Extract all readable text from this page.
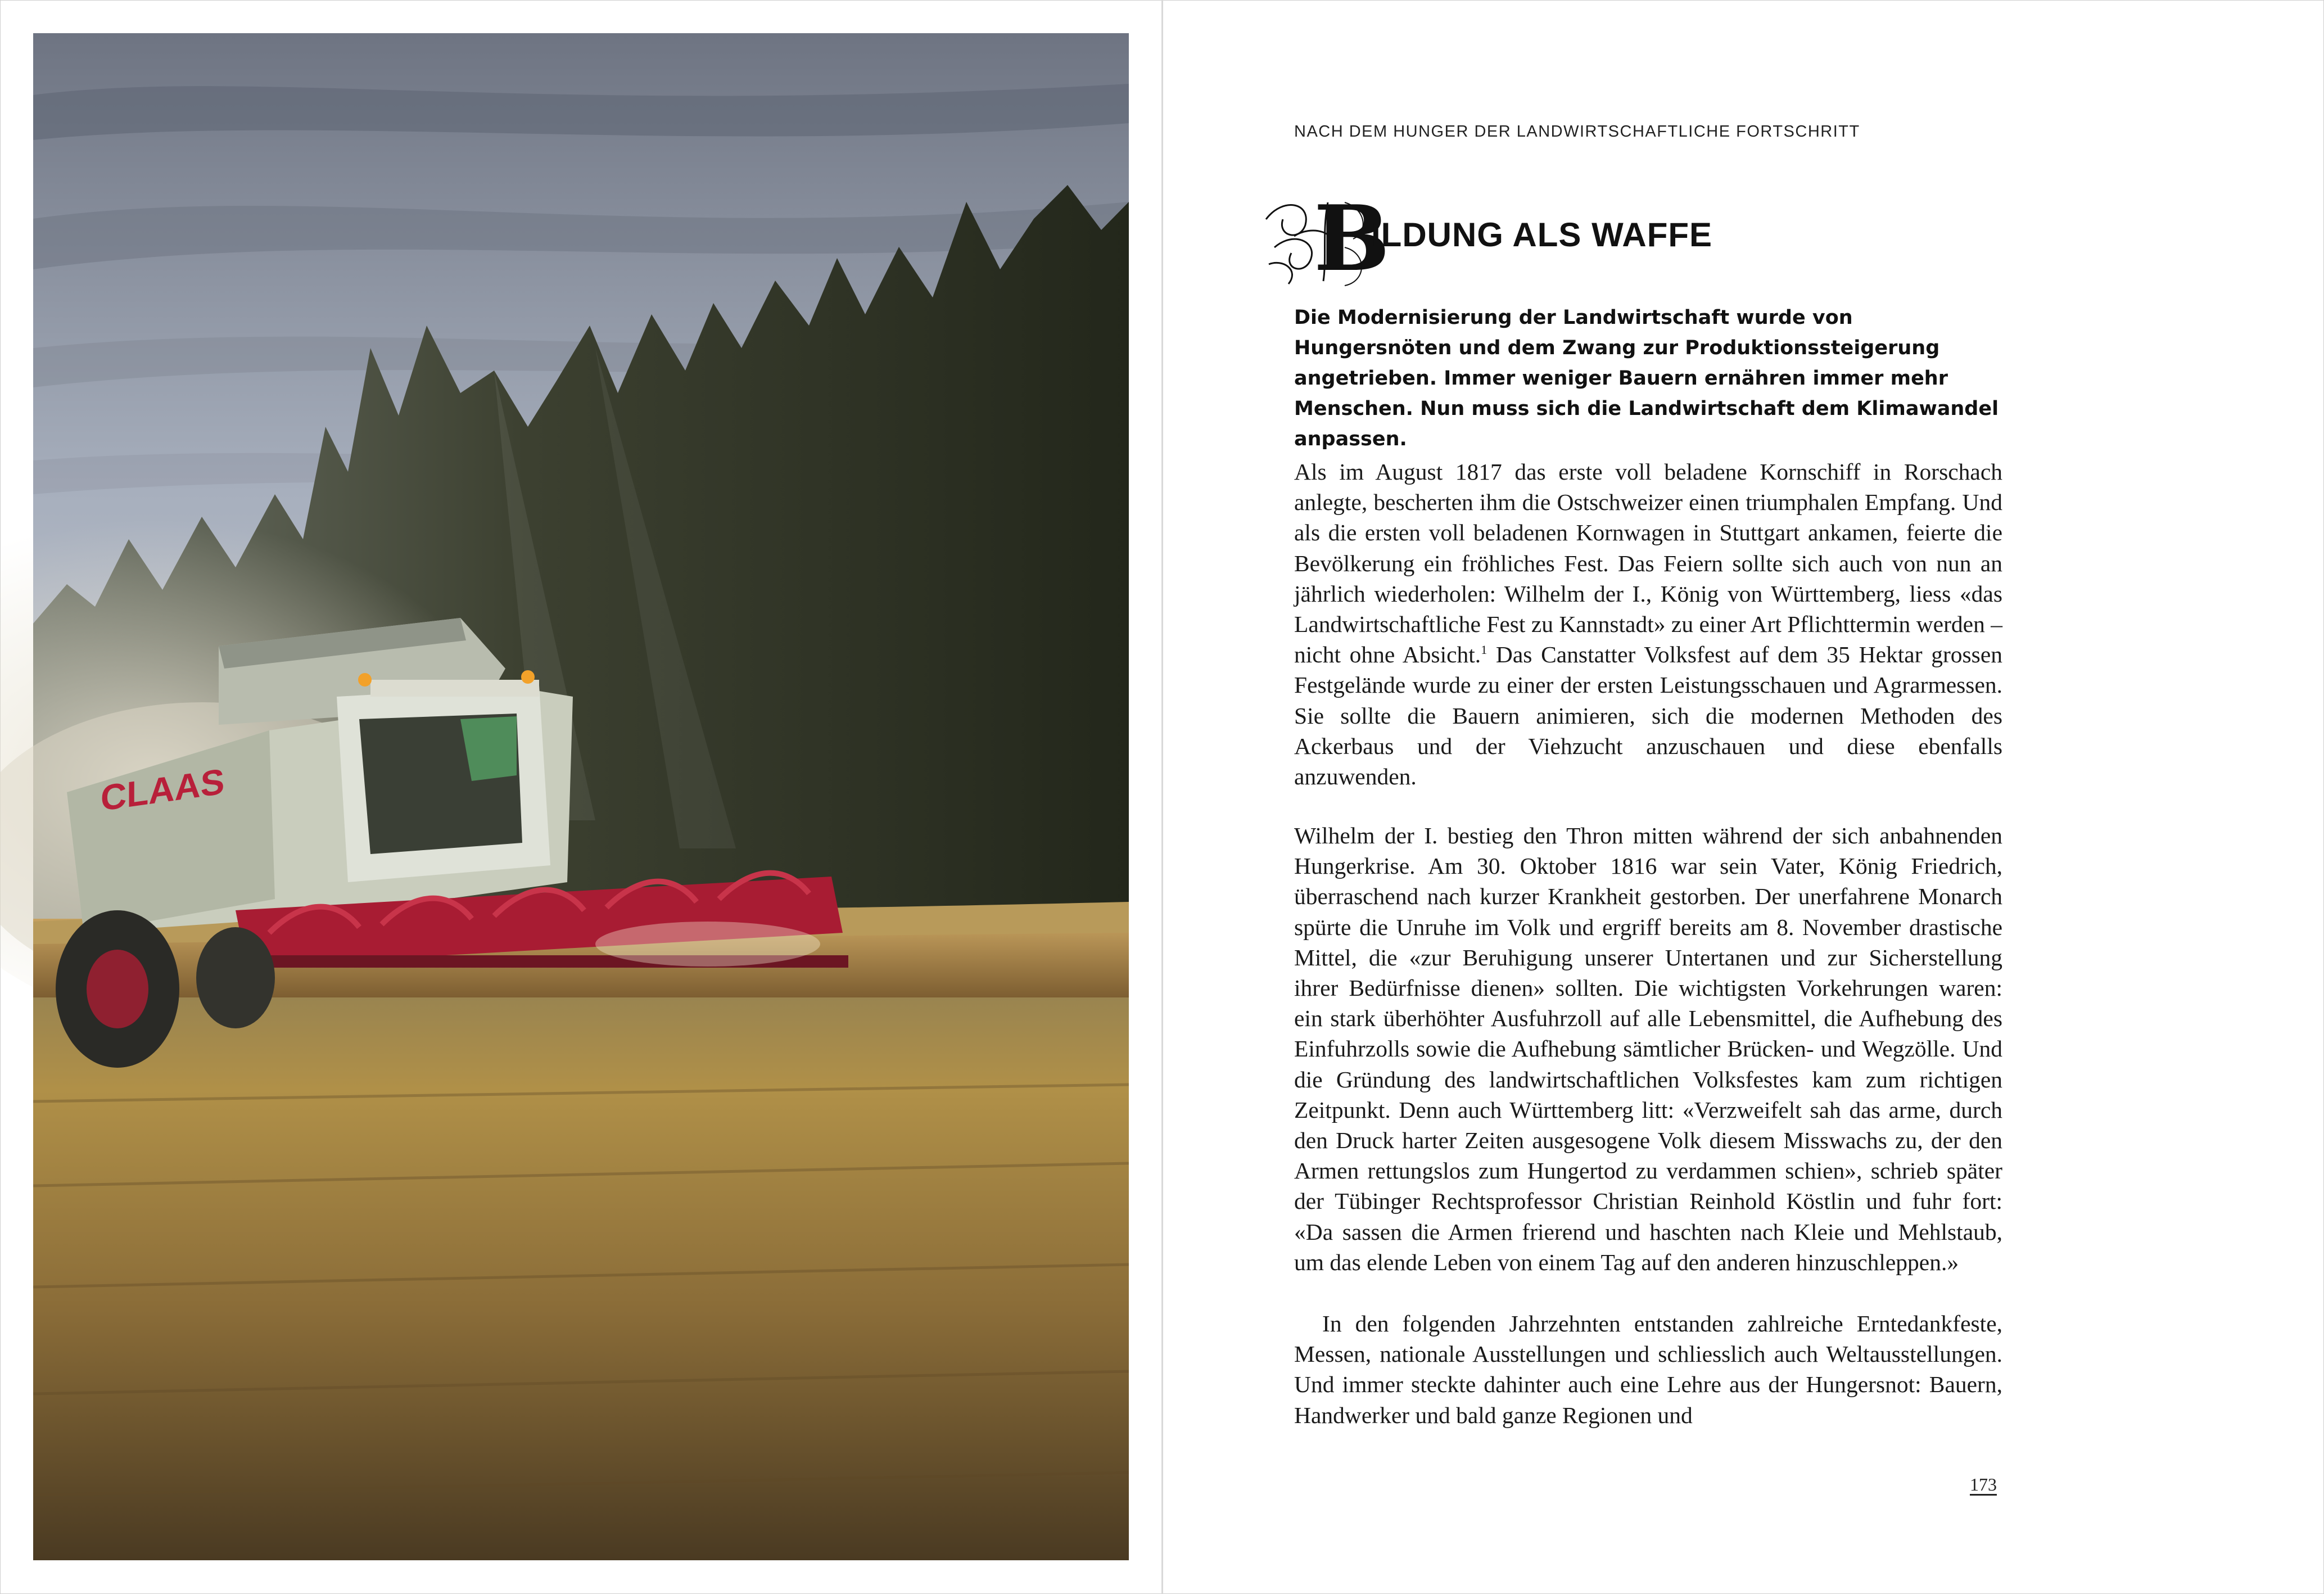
CLAAS
NACH DEM HUNGER DER LANDWIRTSCHAFTLICHE FORTSCHRITT
B
ILDUNG ALS WAFFE
Die Modernisierung der Landwirtschaft wurde von Hungersnöten und dem Zwang zur Produktionssteigerung angetrieben. Immer weniger Bauern ernähren immer mehr Menschen. Nun muss sich die Landwirtschaft dem Klimawandel anpassen.

Als im August 1817 das erste voll beladene Kornschiff in Rorschach anlegte, bescherten ihm die Ostschweizer einen triumphalen Empfang. Und als die ersten voll beladenen Kornwagen in Stuttgart ankamen, feierte die Bevölkerung ein fröhliches Fest. Das Feiern sollte sich auch von nun an jährlich wiederholen: Wilhelm der I., König von Württemberg, liess «das Landwirtschaftliche Fest zu Kannstadt» zu einer Art Pflichttermin werden – nicht ohne Absicht.$^1$ Das Canstatter Volksfest auf dem 35 Hektar grossen Festgelände wurde zu einer der ersten Leistungsschauen und Agrarmessen. Sie sollte die Bauern animieren, sich die modernen Methoden des Ackerbaus und der Viehzucht anzuschauen und diese ebenfalls anzuwenden.

Wilhelm der I. bestieg den Thron mitten während der sich anbahnenden Hungerkrise. Am 30. Oktober 1816 war sein Vater, König Friedrich, überraschend nach kurzer Krankheit gestorben. Der unerfahrene Monarch spürte die Unruhe im Volk und ergriff bereits am 8. November drastische Mittel, die «zur Beruhigung unserer Untertanen und zur Sicherstellung ihrer Bedürfnisse dienen» sollten. Die wichtigsten Vorkehrungen waren: ein stark überhöhter Ausfuhrzoll auf alle Lebensmittel, die Aufhebung des Einfuhrzolls sowie die Aufhebung sämtlicher Brücken- und Wegzölle. Und die Gründung des landwirtschaftlichen Volksfestes kam zum richtigen Zeitpunkt. Denn auch Württemberg litt: «Verzweifelt sah das arme, durch den Druck harter Zeiten ausgesogene Volk diesem Misswachs zu, der den Armen rettungslos zum Hungertod zu verdammen schien», schrieb später der Tübinger Rechtsprofessor Christian Reinhold Köstlin und fuhr fort: «Da sassen die Armen frierend und haschten nach Kleie und Mehlstaub, um das elende Leben von einem Tag auf den anderen hinzuschleppen.»

In den folgenden Jahrzehnten entstanden zahlreiche Erntedankfeste, Messen, nationale Ausstellungen und schliesslich auch Weltausstellungen. Und immer steckte dahinter auch eine Lehre aus der Hungersnot: Bauern, Handwerker und bald ganze Regionen und

173
